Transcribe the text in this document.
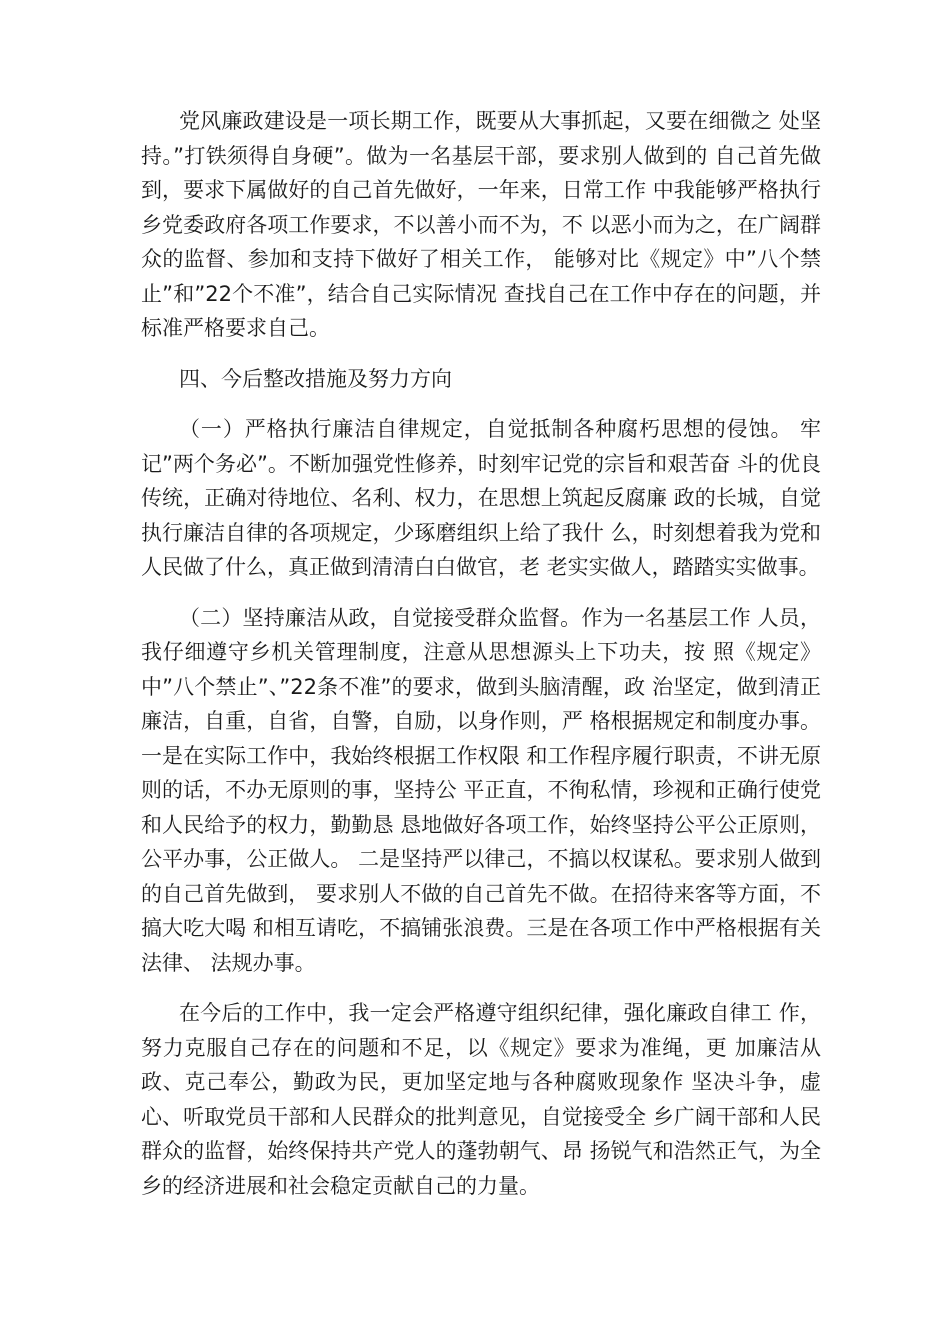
党风廉政建设是一项长期工作，既要从大事抓起，又要在细微之 处坚持。”打铁须得自身硬”。做为一名基层干部，要求别人做到的 自己首先做到，要求下属做好的自己首先做好，一年来，日常工作 中我能够严格执行乡党委政府各项工作要求，不以善小而不为，不 以恶小而为之，在广阔群众的监督、参加和支持下做好了相关工作， 能够对比《规定》中”八个禁止”和”22个不准”，结合自己实际情况 查找自己在工作中存在的问题，并标准严格要求自己。

四、今后整改措施及努力方向

（一）严格执行廉洁自律规定，自觉抵制各种腐朽思想的侵蚀。 牢记”两个务必”。不断加强党性修养，时刻牢记党的宗旨和艰苦奋 斗的优良传统，正确对待地位、名利、权力，在思想上筑起反腐廉 政的长城，自觉执行廉洁自律的各项规定，少琢磨组织上给了我什 么，时刻想着我为党和人民做了什么，真正做到清清白白做官，老 老实实做人，踏踏实实做事。

（二）坚持廉洁从政，自觉接受群众监督。作为一名基层工作 人员，我仔细遵守乡机关管理制度，注意从思想源头上下功夫，按 照《规定》中”八个禁止”、”22条不准”的要求，做到头脑清醒，政 治坚定，做到清正廉洁，自重，自省，自警，自励，以身作则，严 格根据规定和制度办事。一是在实际工作中，我始终根据工作权限 和工作程序履行职责，不讲无原则的话，不办无原则的事，坚持公 平正直，不徇私情，珍视和正确行使党和人民给予的权力，勤勤恳 恳地做好各项工作，始终坚持公平公正原则，公平办事，公正做人。 二是坚持严以律己，不搞以权谋私。要求别人做到的自己首先做到， 要求别人不做的自己首先不做。在招待来客等方面，不搞大吃大喝 和相互请吃，不搞铺张浪费。三是在各项工作中严格根据有关法律、 法规办事。

在今后的工作中，我一定会严格遵守组织纪律，强化廉政自律工 作，努力克服自己存在的问题和不足，以《规定》要求为准绳，更 加廉洁从政、克己奉公，勤政为民，更加坚定地与各种腐败现象作 坚决斗争，虚心、听取党员干部和人民群众的批判意见，自觉接受全 乡广阔干部和人民群众的监督，始终保持共产党人的蓬勃朝气、昂 扬锐气和浩然正气，为全乡的经济进展和社会稳定贡献自己的力量。
